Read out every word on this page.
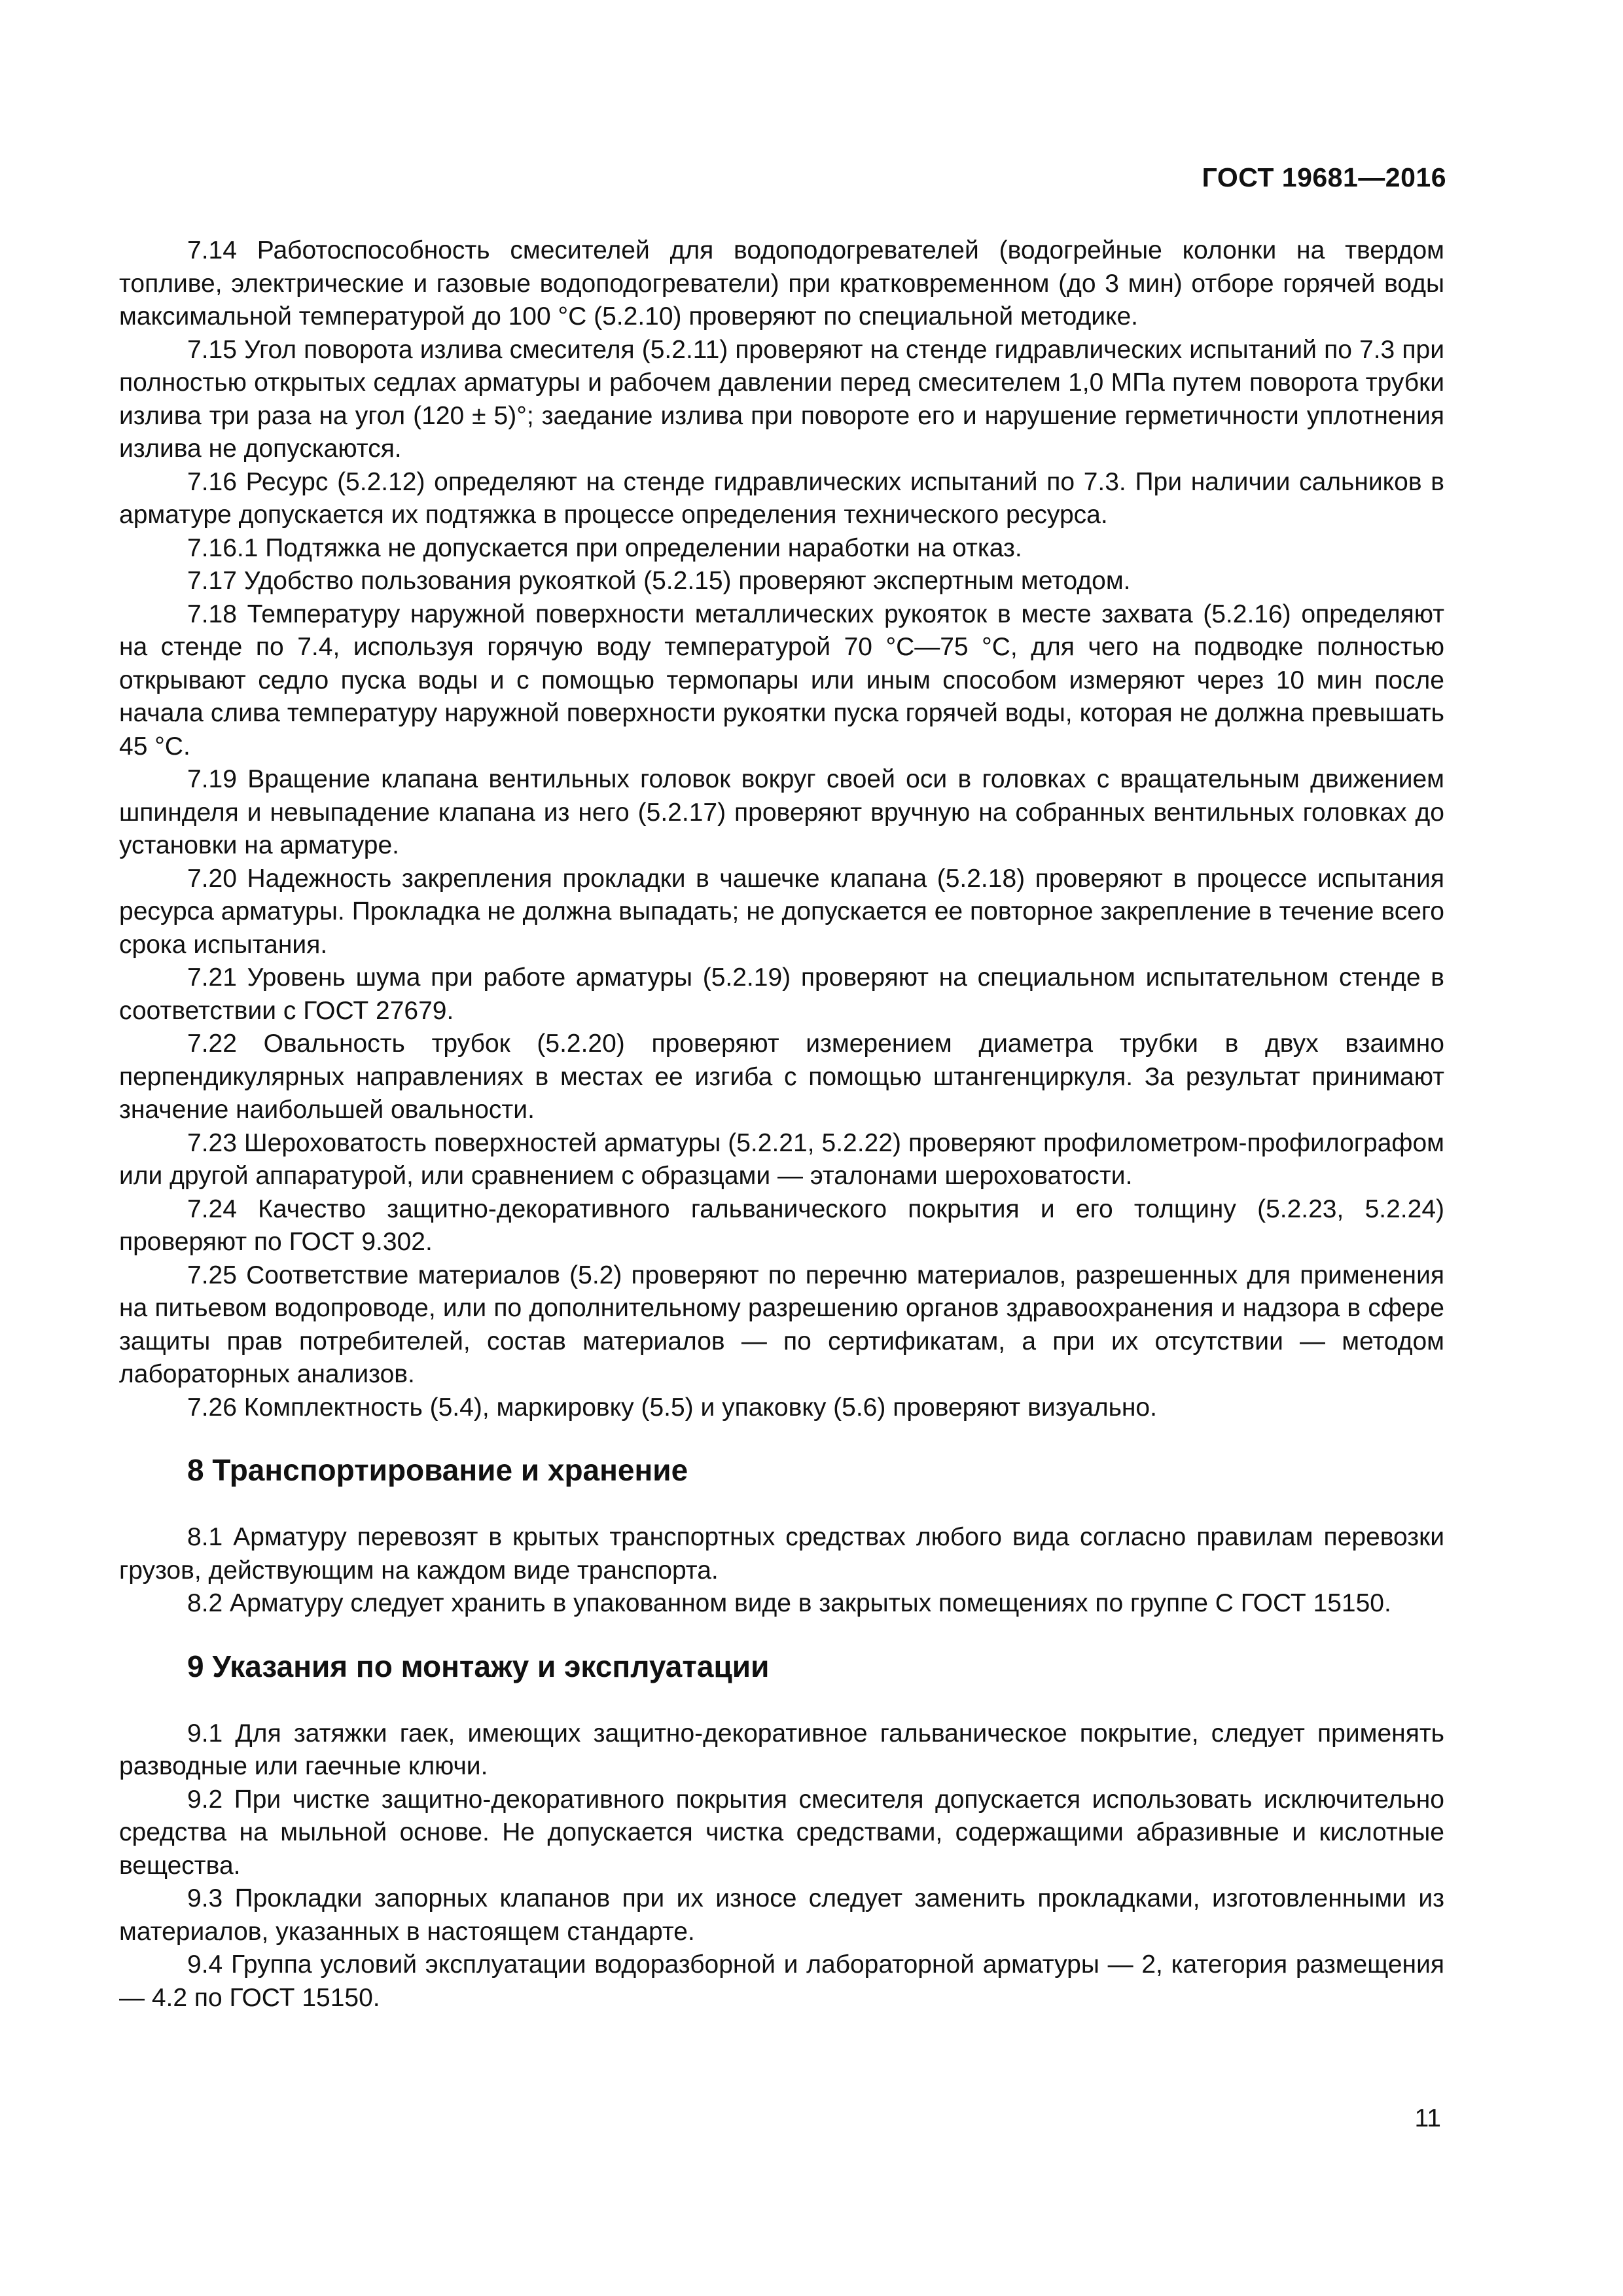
ГОСТ 19681—2016

7.14 Работоспособность смесителей для водоподогревателей (водогрейные колонки на твердом топливе, электрические и газовые водоподогреватели) при кратковременном (до 3 мин) отборе горячей воды максимальной температурой до 100 °С (5.2.10) проверяют по специальной методике.

7.15 Угол поворота излива смесителя (5.2.11) проверяют на стенде гидравлических испытаний по 7.3 при полностью открытых седлах арматуры и рабочем давлении перед смесителем 1,0 МПа путем поворота трубки излива три раза на угол (120 ± 5)°; заедание излива при повороте его и нарушение герметичности уплотнения излива не допускаются.

7.16 Ресурс (5.2.12) определяют на стенде гидравлических испытаний по 7.3. При наличии сальников в арматуре допускается их подтяжка в процессе определения технического ресурса.

7.16.1 Подтяжка не допускается при определении наработки на отказ.

7.17 Удобство пользования рукояткой (5.2.15) проверяют экспертным методом.

7.18 Температуру наружной поверхности металлических рукояток в месте захвата (5.2.16) определяют на стенде по 7.4, используя горячую воду температурой 70 °С—75 °С, для чего на подводке полностью открывают седло пуска воды и с помощью термопары или иным способом измеряют через 10 мин после начала слива температуру наружной поверхности рукоятки пуска горячей воды, которая не должна превышать 45 °С.

7.19 Вращение клапана вентильных головок вокруг своей оси в головках с вращательным движением шпинделя и невыпадение клапана из него (5.2.17) проверяют вручную на собранных вентильных головках до установки на арматуре.

7.20 Надежность закрепления прокладки в чашечке клапана (5.2.18) проверяют в процессе испытания ресурса арматуры. Прокладка не должна выпадать; не допускается ее повторное закрепление в течение всего срока испытания.

7.21 Уровень шума при работе арматуры (5.2.19) проверяют на специальном испытательном стенде в соответствии с ГОСТ 27679.

7.22 Овальность трубок (5.2.20) проверяют измерением диаметра трубки в двух взаимно перпендикулярных направлениях в местах ее изгиба с помощью штангенциркуля. За результат принимают значение наибольшей овальности.

7.23 Шероховатость поверхностей арматуры (5.2.21, 5.2.22) проверяют профилометром-профилографом или другой аппаратурой, или сравнением с образцами — эталонами шероховатости.

7.24 Качество защитно-декоративного гальванического покрытия и его толщину (5.2.23, 5.2.24) проверяют по ГОСТ 9.302.

7.25 Соответствие материалов (5.2) проверяют по перечню материалов, разрешенных для применения на питьевом водопроводе, или по дополнительному разрешению органов здравоохранения и надзора в сфере защиты прав потребителей, состав материалов — по сертификатам, а при их отсутствии — методом лабораторных анализов.

7.26 Комплектность (5.4), маркировку (5.5) и упаковку (5.6) проверяют визуально.

8 Транспортирование и хранение

8.1 Арматуру перевозят в крытых транспортных средствах любого вида согласно правилам перевозки грузов, действующим на каждом виде транспорта.

8.2 Арматуру следует хранить в упакованном виде в закрытых помещениях по группе С ГОСТ 15150.

9 Указания по монтажу и эксплуатации

9.1 Для затяжки гаек, имеющих защитно-декоративное гальваническое покрытие, следует применять разводные или гаечные ключи.

9.2 При чистке защитно-декоративного покрытия смесителя допускается использовать исключительно средства на мыльной основе. Не допускается чистка средствами, содержащими абразивные и кислотные вещества.

9.3 Прокладки запорных клапанов при их износе следует заменить прокладками, изготовленными из материалов, указанных в настоящем стандарте.

9.4 Группа условий эксплуатации водоразборной и лабораторной арматуры — 2, категория размещения — 4.2 по ГОСТ 15150.

11
